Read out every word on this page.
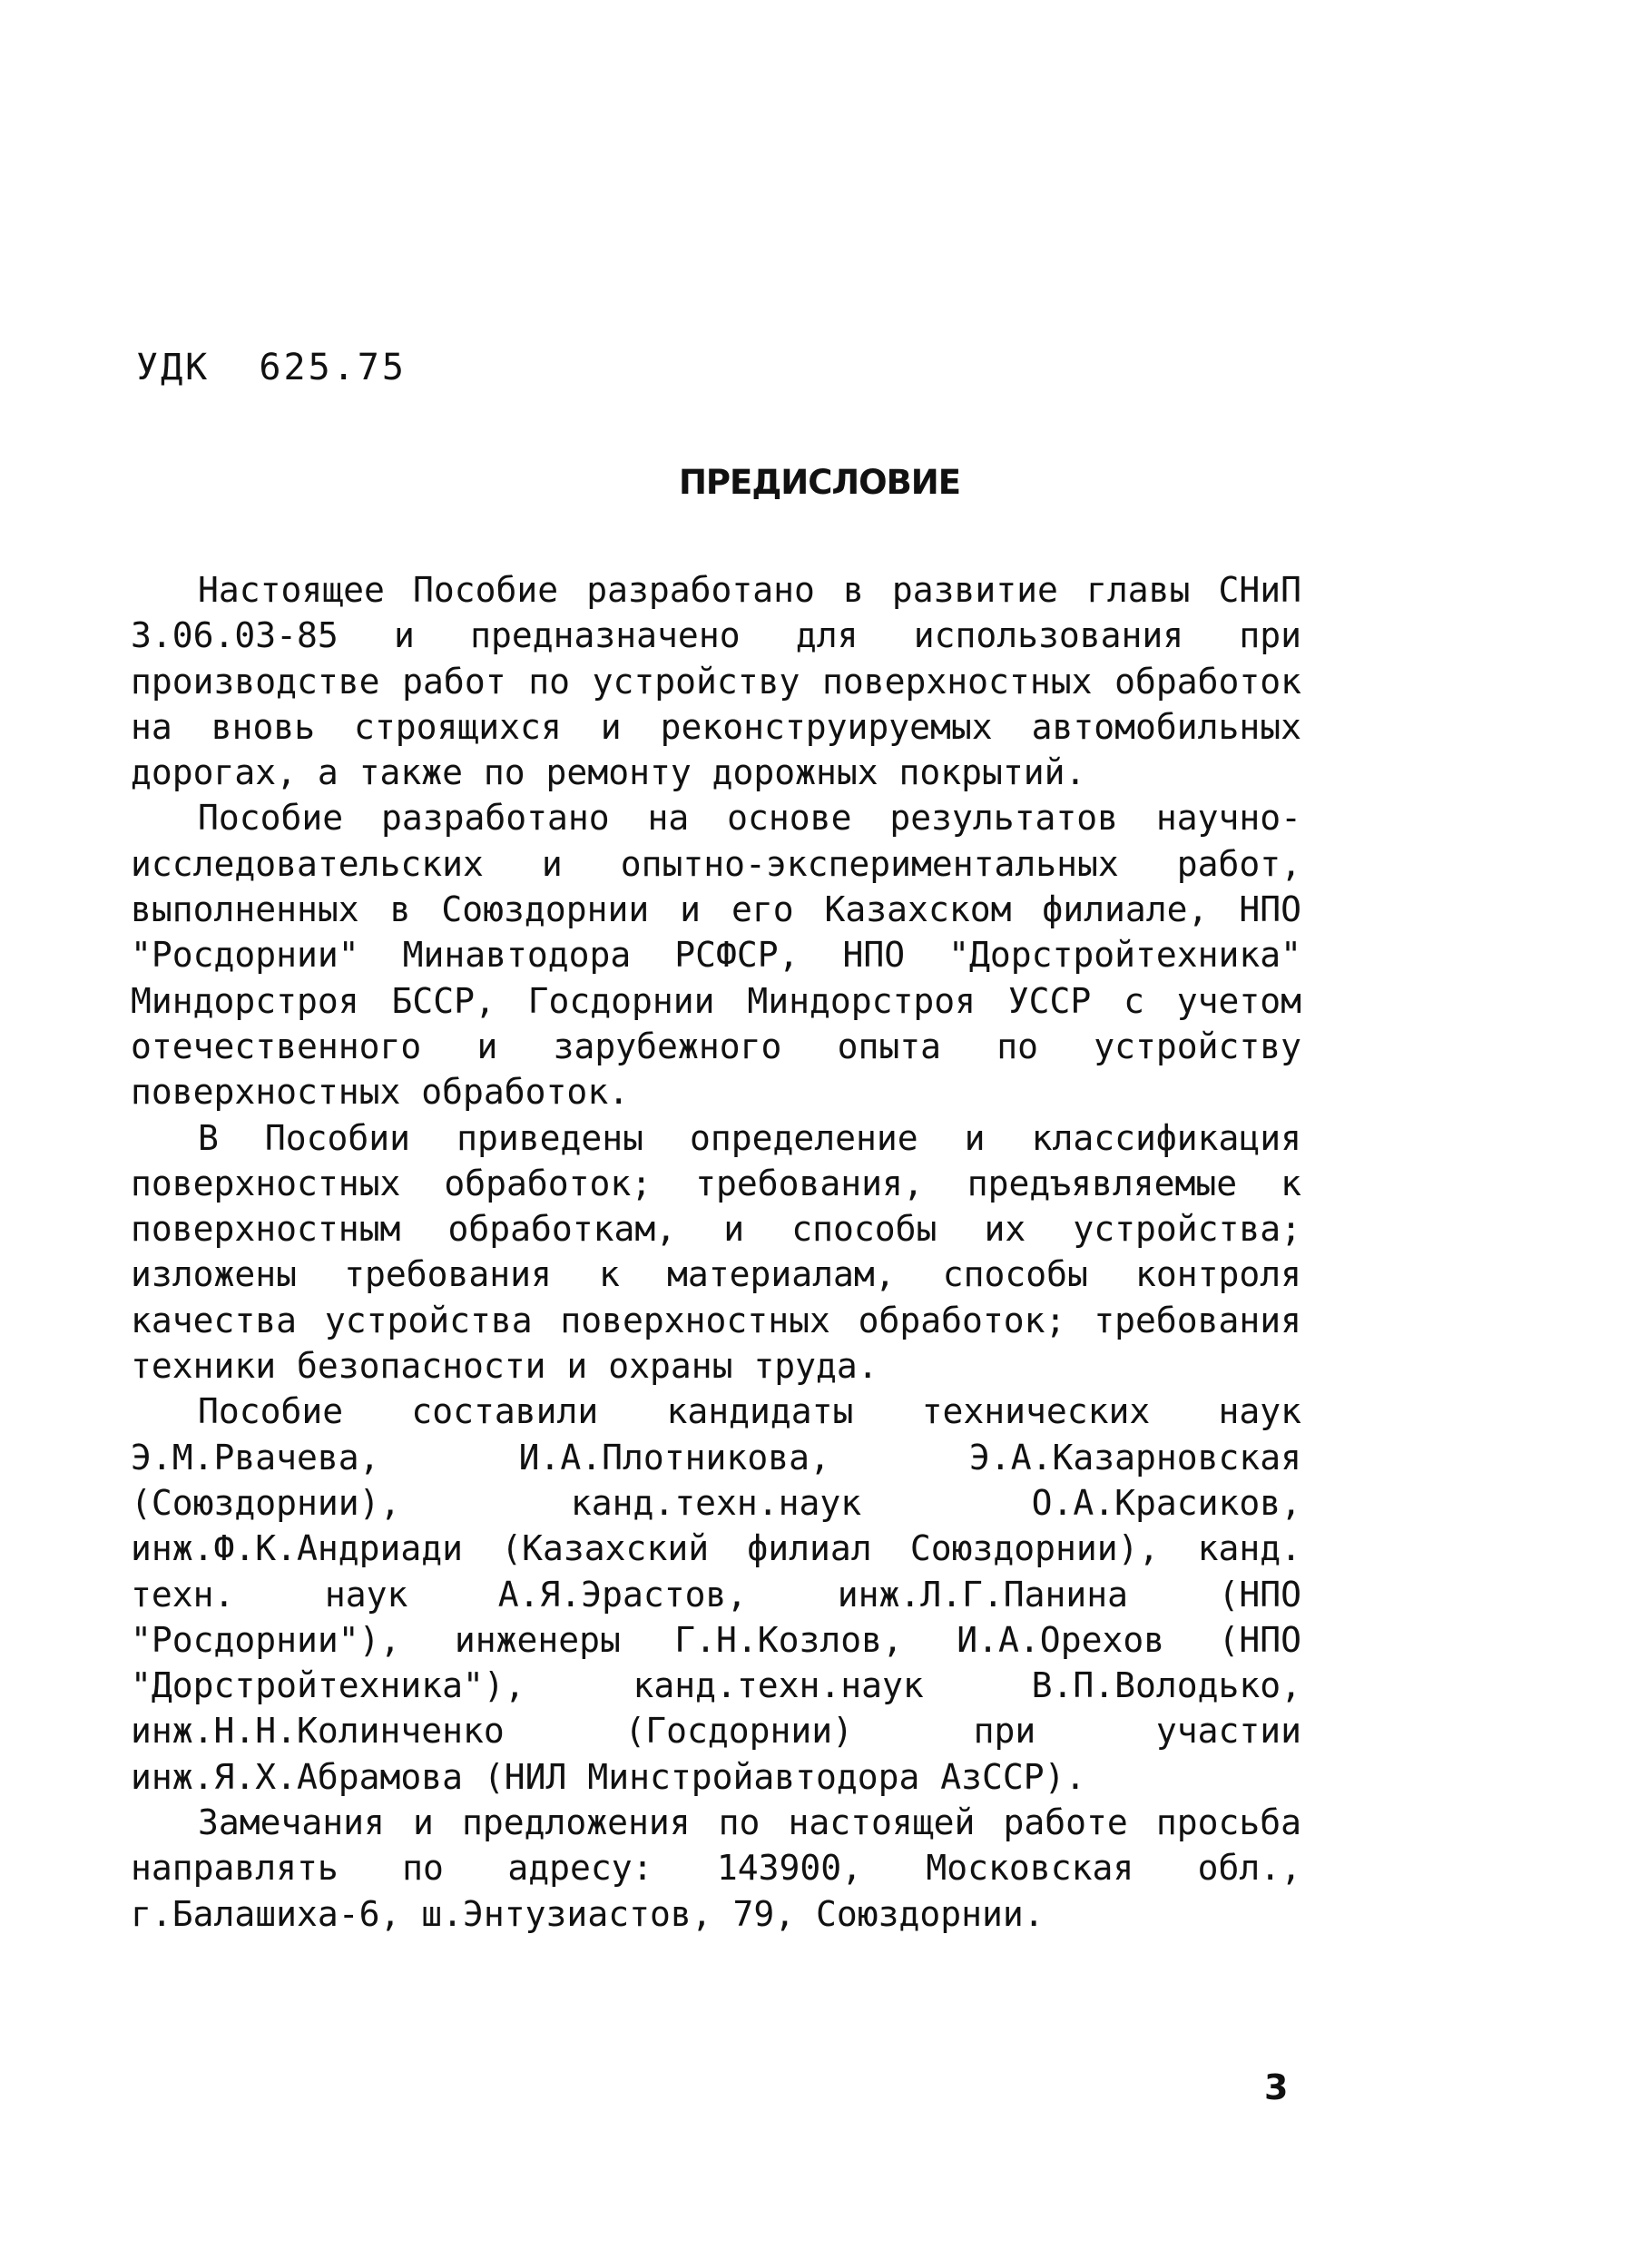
УДК  625.75
ПРЕДИСЛОВИЕ

Настоящее Пособие разработано в развитие главы СНиП 3.06.03-85 и предназначено для использования при производстве работ по устройству поверхностных обработок на вновь строящихся и реконструируемых автомобильных дорогах, а также по ремонту дорожных покрытий.

Пособие разработано на основе результатов научно-исследовательских и опытно-экспериментальных работ, выполненных в Союздорнии и его Казахском филиале, НПО "Росдорнии" Минавтодора РСФСР, НПО "Дорстройтехника" Миндорстроя БССР, Госдорнии Миндорстроя УССР с учетом отечественного и зарубежного опыта по устройству поверхностных обработок.

В Пособии приведены определение и классификация поверхностных обработок; требования, предъявляемые к поверхностным обработкам, и способы их устройства; изложены требования к материалам, способы контроля качества устройства поверхностных обработок; требования техники безопасности и охраны труда.

Пособие составили кандидаты технических наук Э.М.Рвачева, И.А.Плотникова, Э.А.Казарновская (Союздорнии), канд.техн.наук О.А.Красиков, инж.Ф.К.Андриади (Казахский филиал Союздорнии), канд. техн. наук А.Я.Эрастов, инж.Л.Г.Панина (НПО "Росдорнии"), инженеры Г.Н.Козлов, И.А.Орехов (НПО "Дорстройтехника"), канд.техн.наук В.П.Володько, инж.Н.Н.Колинченко (Госдорнии) при участии инж.Я.Х.Абрамова (НИЛ Минстройавтодора АзССР).

Замечания и предложения по настоящей работе просьба направлять по адресу: 143900, Московская обл., г.Балашиха-6, ш.Энтузиастов, 79, Союздорнии.

3
